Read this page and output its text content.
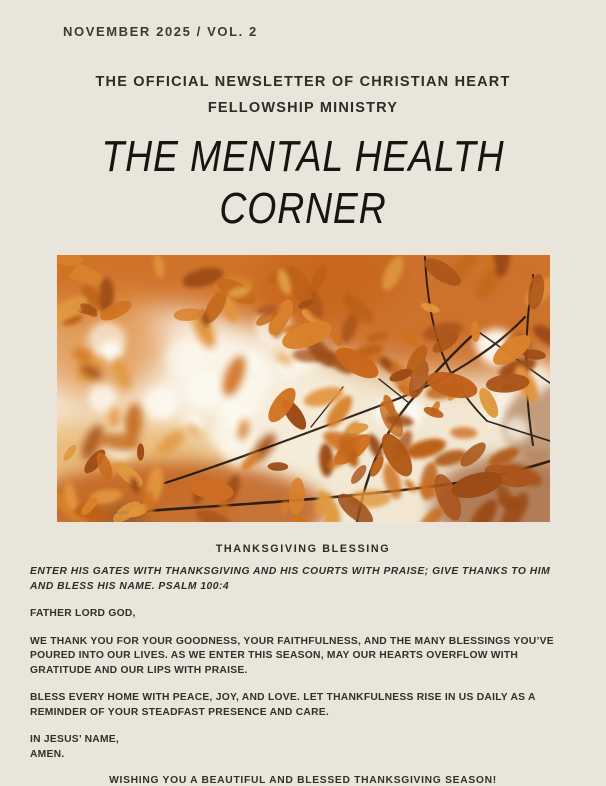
NOVEMBER 2025 / VOL. 2
THE OFFICIAL NEWSLETTER OF CHRISTIAN HEART FELLOWSHIP MINISTRY
THE MENTAL HEALTH
CORNER
THANKSGIVING BLESSING

ENTER HIS GATES WITH THANKSGIVING AND HIS COURTS WITH PRAISE; GIVE THANKS TO HIM AND BLESS HIS NAME. PSALM 100:4

FATHER LORD GOD,

WE THANK YOU FOR YOUR GOODNESS, YOUR FAITHFULNESS, AND THE MANY BLESSINGS YOU’VE POURED INTO OUR LIVES. AS WE ENTER THIS SEASON, MAY OUR HEARTS OVERFLOW WITH GRATITUDE AND OUR LIPS WITH PRAISE.

BLESS EVERY HOME WITH PEACE, JOY, AND LOVE. LET THANKFULNESS RISE IN US DAILY AS A REMINDER OF YOUR STEADFAST PRESENCE AND CARE.

IN JESUS’ NAME,
AMEN.

WISHING YOU A BEAUTIFUL AND BLESSED THANKSGIVING SEASON!
